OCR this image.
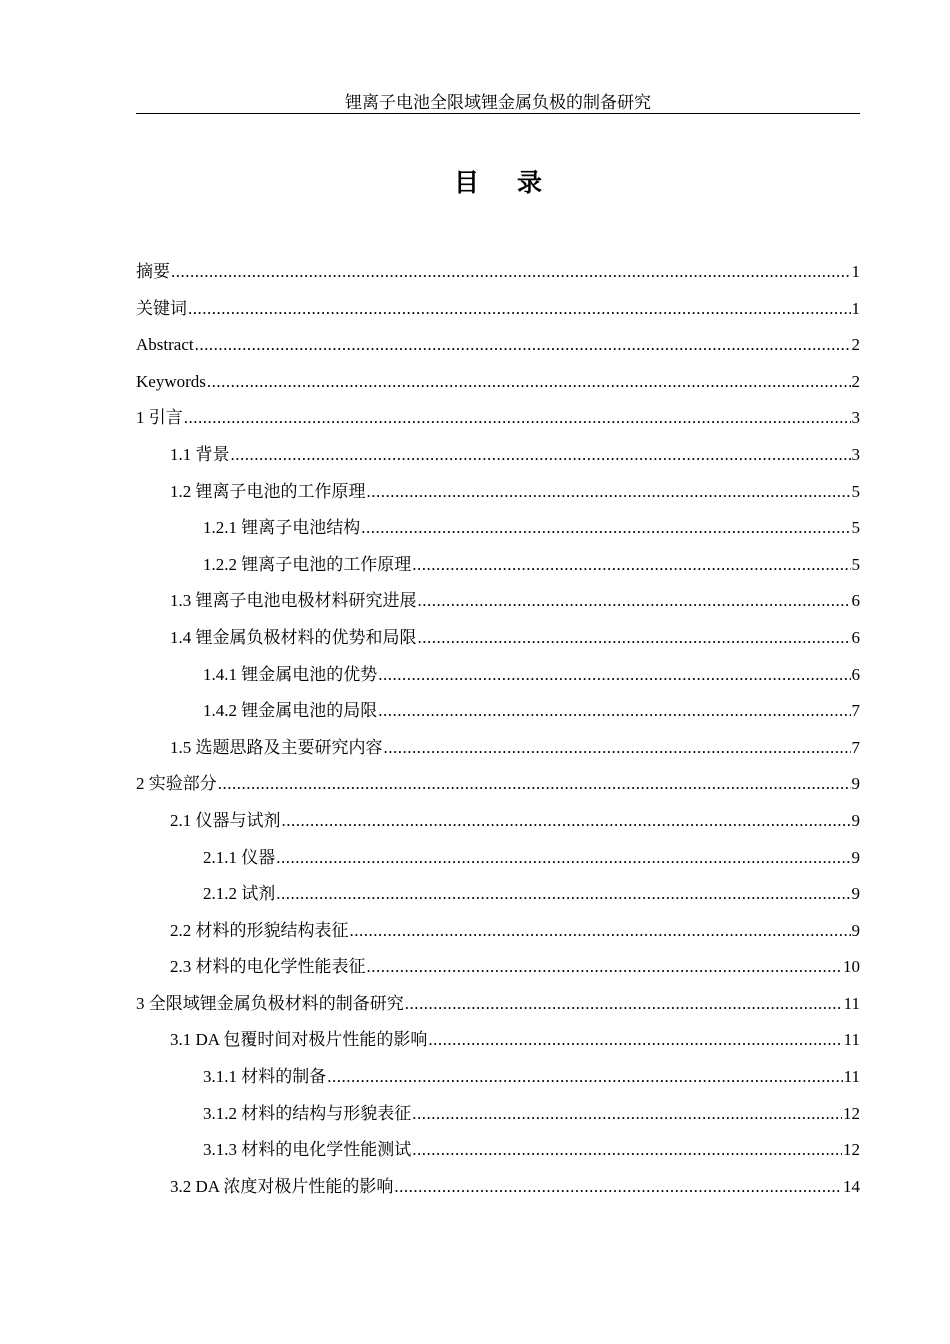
锂离子电池全限域锂金属负极的制备研究
目录
摘要 .....	1
关键词 .....	1
Abstract .....	2
Keywords .....	2
1 引言 .....	3
1.1 背景 .....	3
1.2 锂离子电池的工作原理 .....	5
1.2.1 锂离子电池结构 .....	5
1.2.2 锂离子电池的工作原理 .....	5
1.3 锂离子电池电极材料研究进展 .....	6
1.4 锂金属负极材料的优势和局限 .....	6
1.4.1 锂金属电池的优势 .....	6
1.4.2 锂金属电池的局限 .....	7
1.5 选题思路及主要研究内容 .....	7
2 实验部分 .....	9
2.1 仪器与试剂 .....	9
2.1.1 仪器 .....	9
2.1.2 试剂 .....	9
2.2 材料的形貌结构表征 .....	9
2.3 材料的电化学性能表征 .....	10
3 全限域锂金属负极材料的制备研究 .....	11
3.1 DA 包覆时间对极片性能的影响 .....	11
3.1.1 材料的制备 .....	11
3.1.2 材料的结构与形貌表征 .....	12
3.1.3 材料的电化学性能测试 .....	12
3.2 DA 浓度对极片性能的影响 .....	14
